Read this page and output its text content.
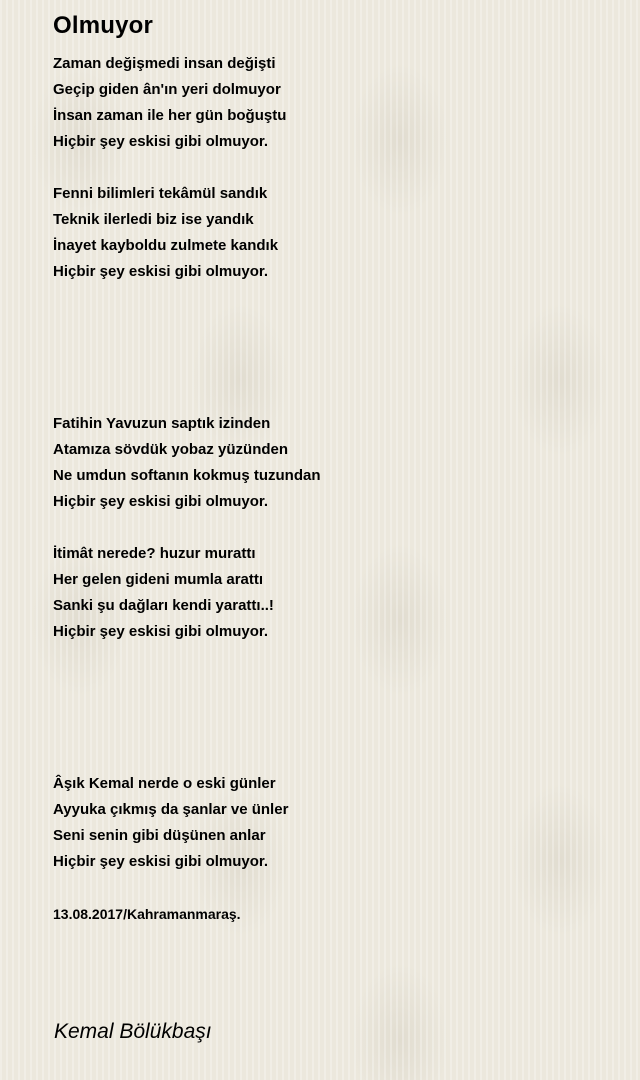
Olmuyor
Zaman değişmedi insan değişti
Geçip giden ân'ın yeri dolmuyor
İnsan zaman ile her gün boğuştu
Hiçbir şey eskisi gibi olmuyor.
Fenni bilimleri tekâmül sandık
Teknik ilerledi biz ise yandık
İnayet kayboldu zulmete kandık
Hiçbir şey eskisi gibi olmuyor.
Fatihin Yavuzun saptık izinden
Atamıza sövdük yobaz yüzünden
Ne umdun softanın kokmuş tuzundan
Hiçbir şey eskisi gibi olmuyor.
İtimât nerede? huzur murattı
Her gelen gideni mumla arattı
Sanki şu dağları kendi yarattı..!
Hiçbir şey eskisi gibi olmuyor.
Âşık Kemal nerde o eski günler
Ayyuka çıkmış da şanlar ve ünler
Seni senin gibi düşünen anlar
Hiçbir şey eskisi gibi olmuyor.
13.08.2017/Kahramanmaraş.
Kemal Bölükbaşı
